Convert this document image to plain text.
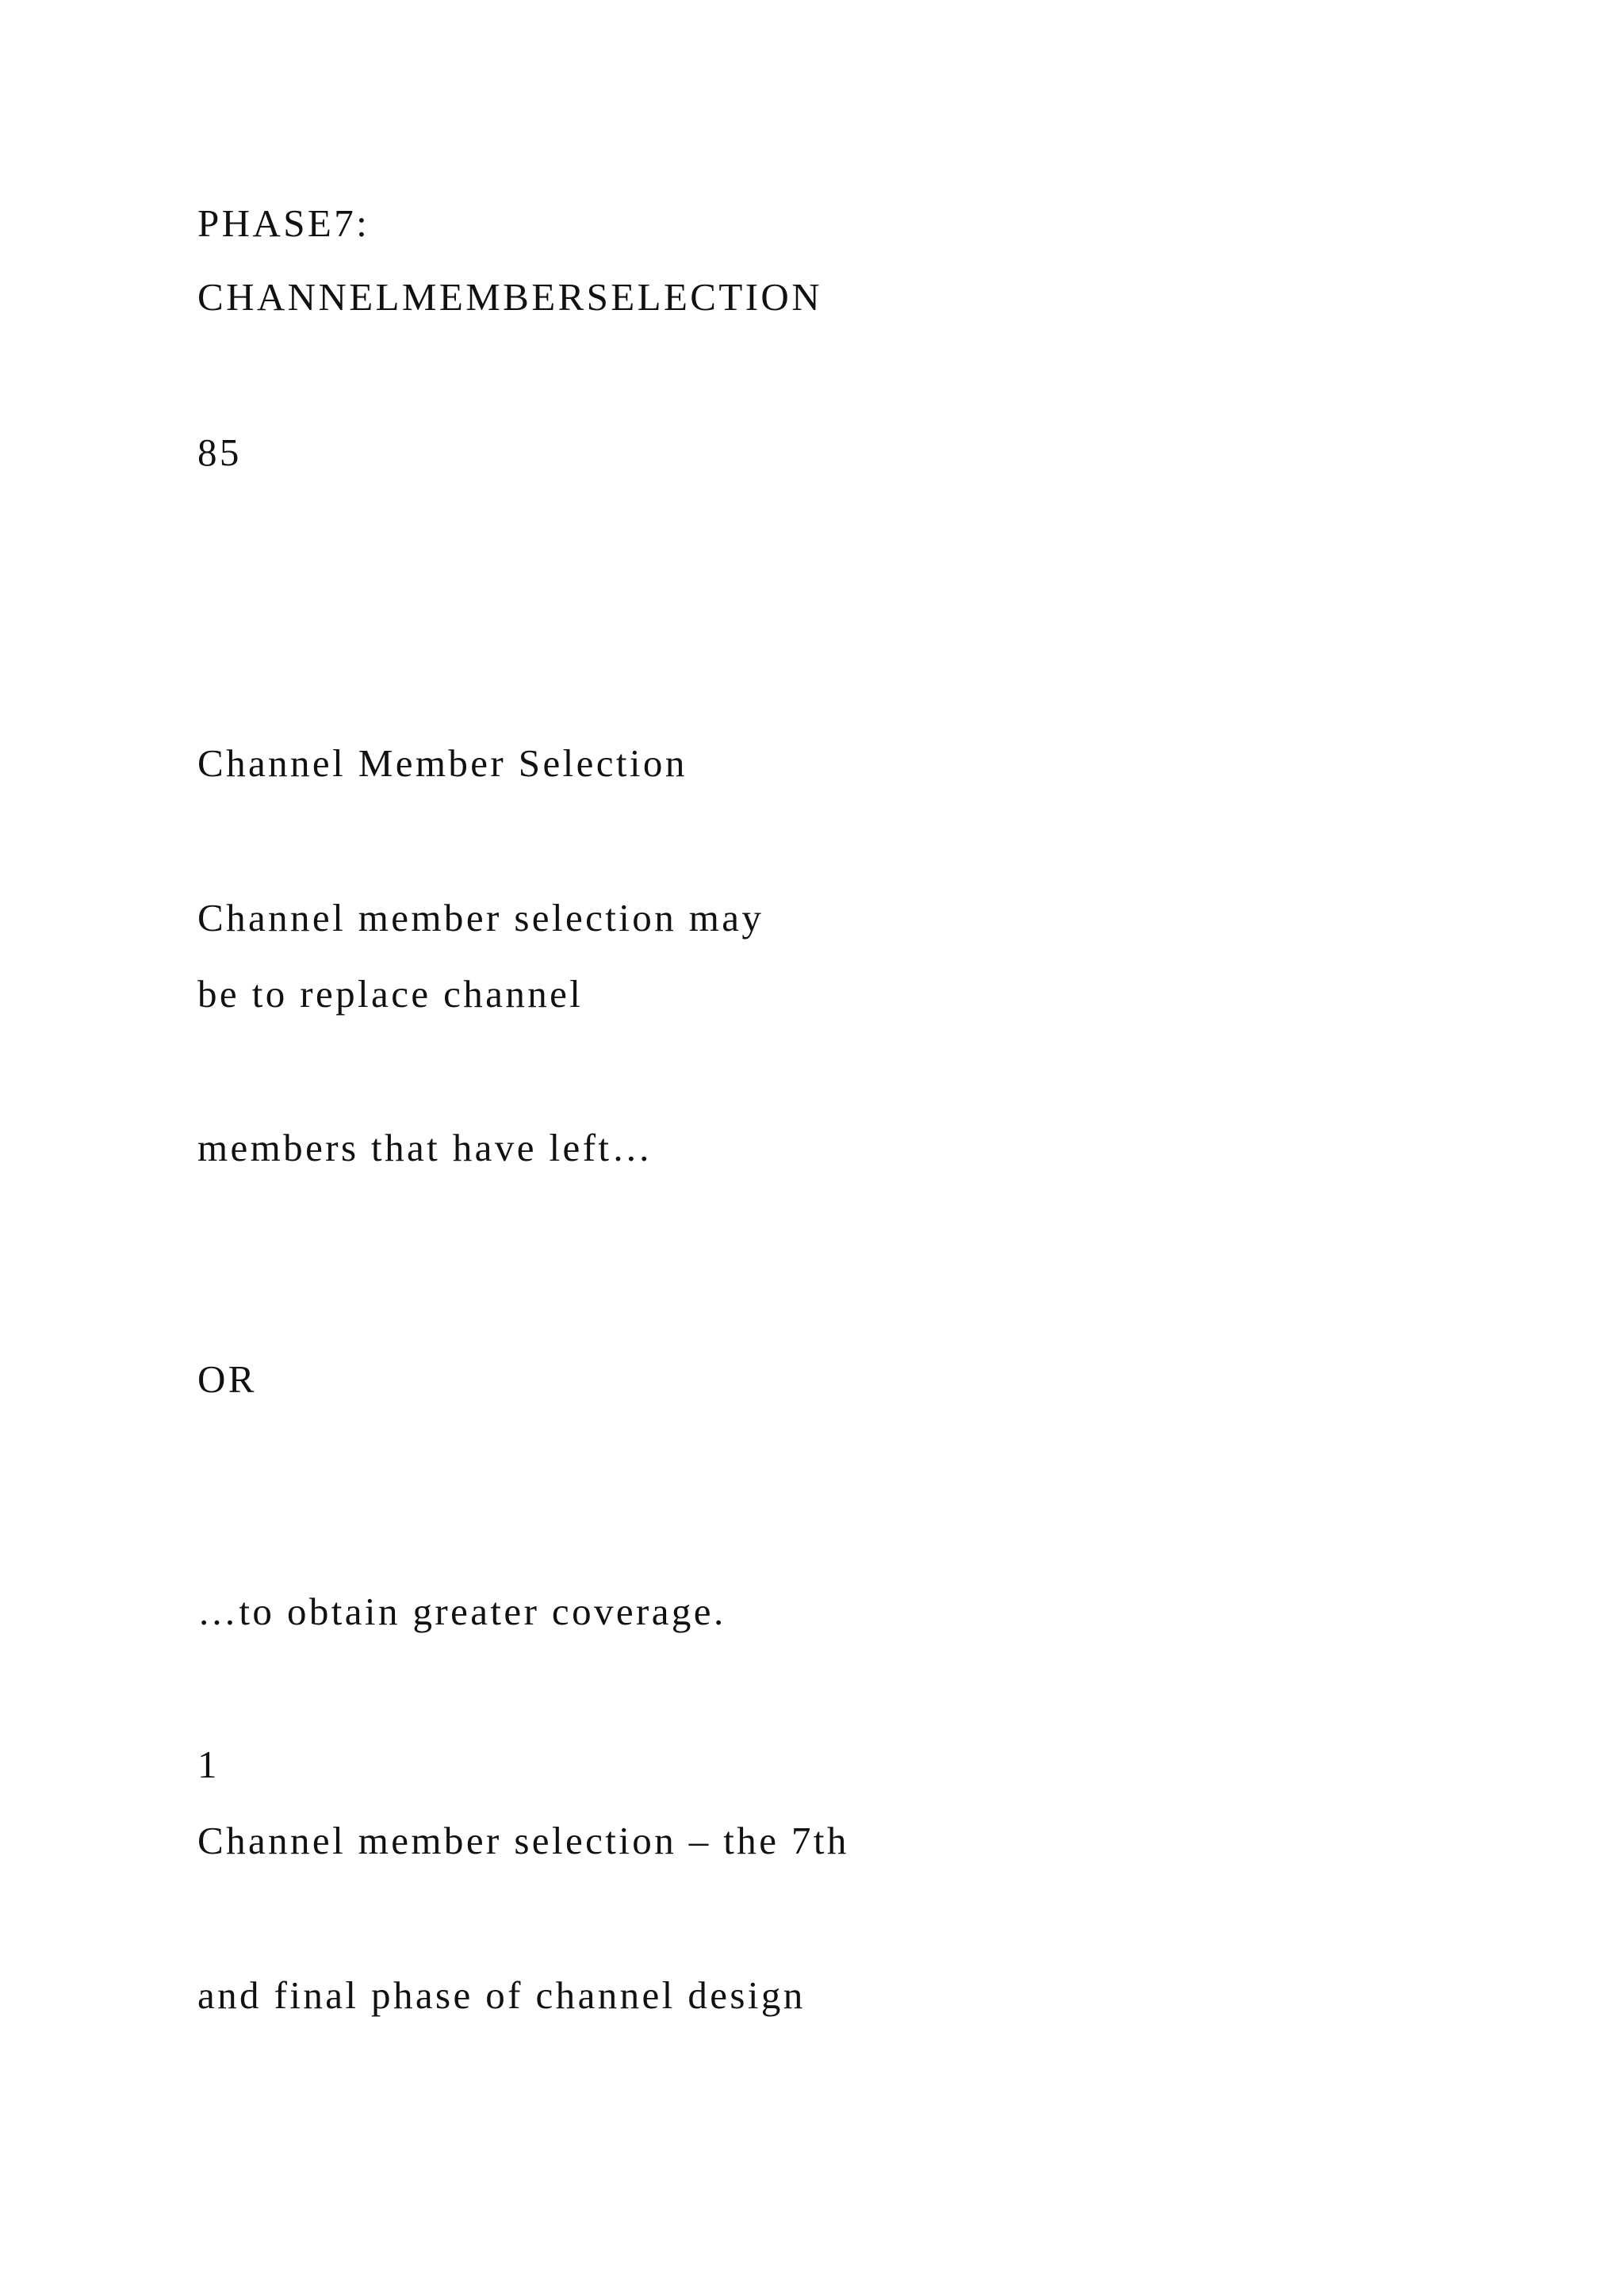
PHASE7:

CHANNELMEMBERSELECTION

85

Channel Member Selection

Channel member selection may

be to replace channel

members that have left…

OR

…to obtain greater coverage.

1

Channel member selection – the 7th

and final phase of channel design
